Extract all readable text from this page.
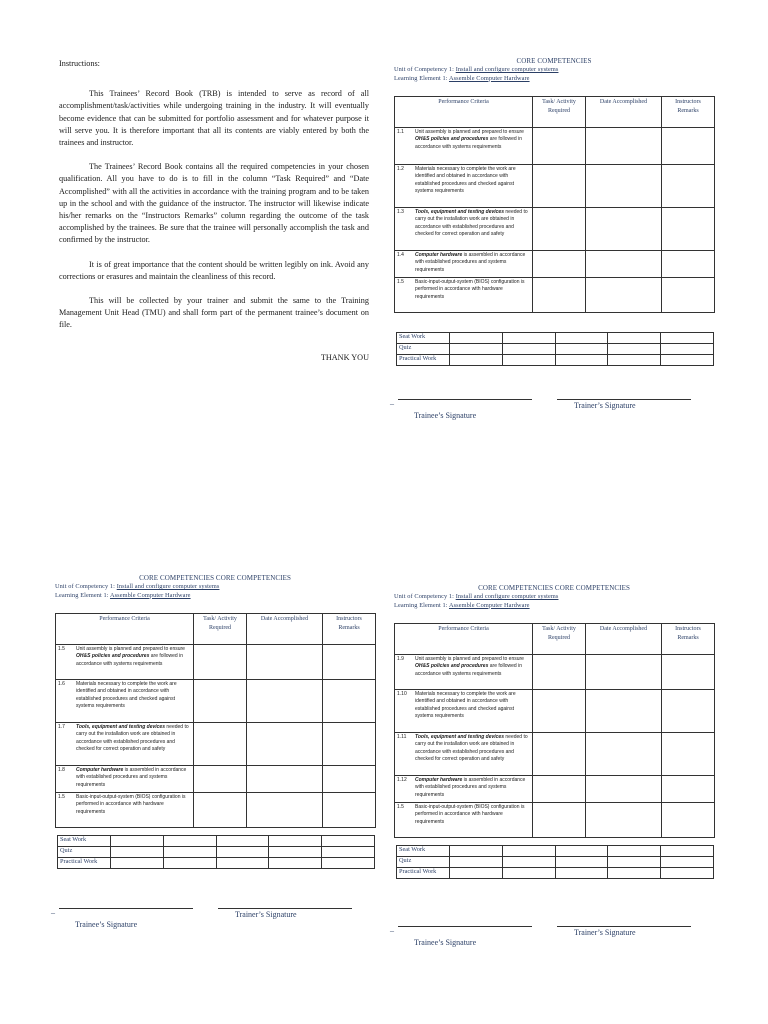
Instructions:

This Trainees’ Record Book (TRB) is intended to serve as record of all accomplishment/task/activities while undergoing training in the industry. It will eventually become evidence that can be submitted for portfolio assessment and for whatever purpose it will serve you. It is therefore important that all its contents are viably entered by both the trainees and instructor.

The Trainees’ Record Book contains all the required competencies in your chosen qualification. All you have to do is to fill in the column “Task Required” and “Date Accomplished” with all the activities in accordance with the training program and to be taken up in the school and with the guidance of the instructor. The instructor will likewise indicate his/her remarks on the “Instructors Remarks” column regarding the outcome of the task accomplished by the trainees. Be sure that the trainee will personally accomplish the task and confirmed by the instructor.

It is of great importance that the content should be written legibly on ink. Avoid any corrections or erasures and maintain the cleanliness of this record.

This will be collected by your trainer and submit the same to the Training Management Unit Head (TMU) and shall form part of the permanent trainee’s document on file.

THANK YOU

CORE COMPETENCIES
Unit of Competency 1: Install and configure computer systems
Learning Element 1: Assemble Computer Hardware
Performance Criteria	Task/ Activity Required	Date Accomplished	Instructors Remarks

1.1 Unit assembly is planned and prepared to ensure OH&S policies and procedures are followed in accordance with systems requirements			

1.2 Materials necessary to complete the work are identified and obtained in accordance with established procedures and checked against systems requirements			

1.3 Tools, equipment and testing devices needed to carry out the installation work are obtained in accordance with established procedures and checked for correct operation and safety			

1.4 Computer hardware is assembled in accordance with established procedures and systems requirements			

1.5 Basic-input-output-system (BIOS) configuration is performed in accordance with hardware requirements			

Seat Work					
Quiz					
Practical Work					
_	Trainer’s Signature
Trainee’s Signature
CORE COMPETENCIES CORE COMPETENCIES
Unit of Competency 1: Install and configure computer systems
Learning Element 1: Assemble Computer Hardware
Performance Criteria	Task/ Activity Required	Date Accomplished	Instructors Remarks

1.5 Unit assembly is planned and prepared to ensure OH&S policies and procedures are followed in accordance with systems requirements			

1.6 Materials necessary to complete the work are identified and obtained in accordance with established procedures and checked against systems requirements			

1.7 Tools, equipment and testing devices needed to carry out the installation work are obtained in accordance with established procedures and checked for correct operation and safety			

1.8 Computer hardware is assembled in accordance with established procedures and systems requirements			

1.5 Basic-input-output-system (BIOS) configuration is performed in accordance with hardware requirements			

Seat Work					
Quiz					
Practical Work					
_	Trainer’s Signature
Trainee’s Signature
CORE COMPETENCIES CORE COMPETENCIES
Unit of Competency 1: Install and configure computer systems
Learning Element 1: Assemble Computer Hardware
Performance Criteria	Task/ Activity Required	Date Accomplished	Instructors Remarks

1.9 Unit assembly is planned and prepared to ensure OH&S policies and procedures are followed in accordance with systems requirements			

1.10 Materials necessary to complete the work are identified and obtained in accordance with established procedures and checked against systems requirements			

1.11 Tools, equipment and testing devices needed to carry out the installation work are obtained in accordance with established procedures and checked for correct operation and safety			

1.12 Computer hardware is assembled in accordance with established procedures and systems requirements			

1.5 Basic-input-output-system (BIOS) configuration is performed in accordance with hardware requirements			

Seat Work					
Quiz					
Practical Work					
_	Trainer’s Signature
Trainee’s Signature
